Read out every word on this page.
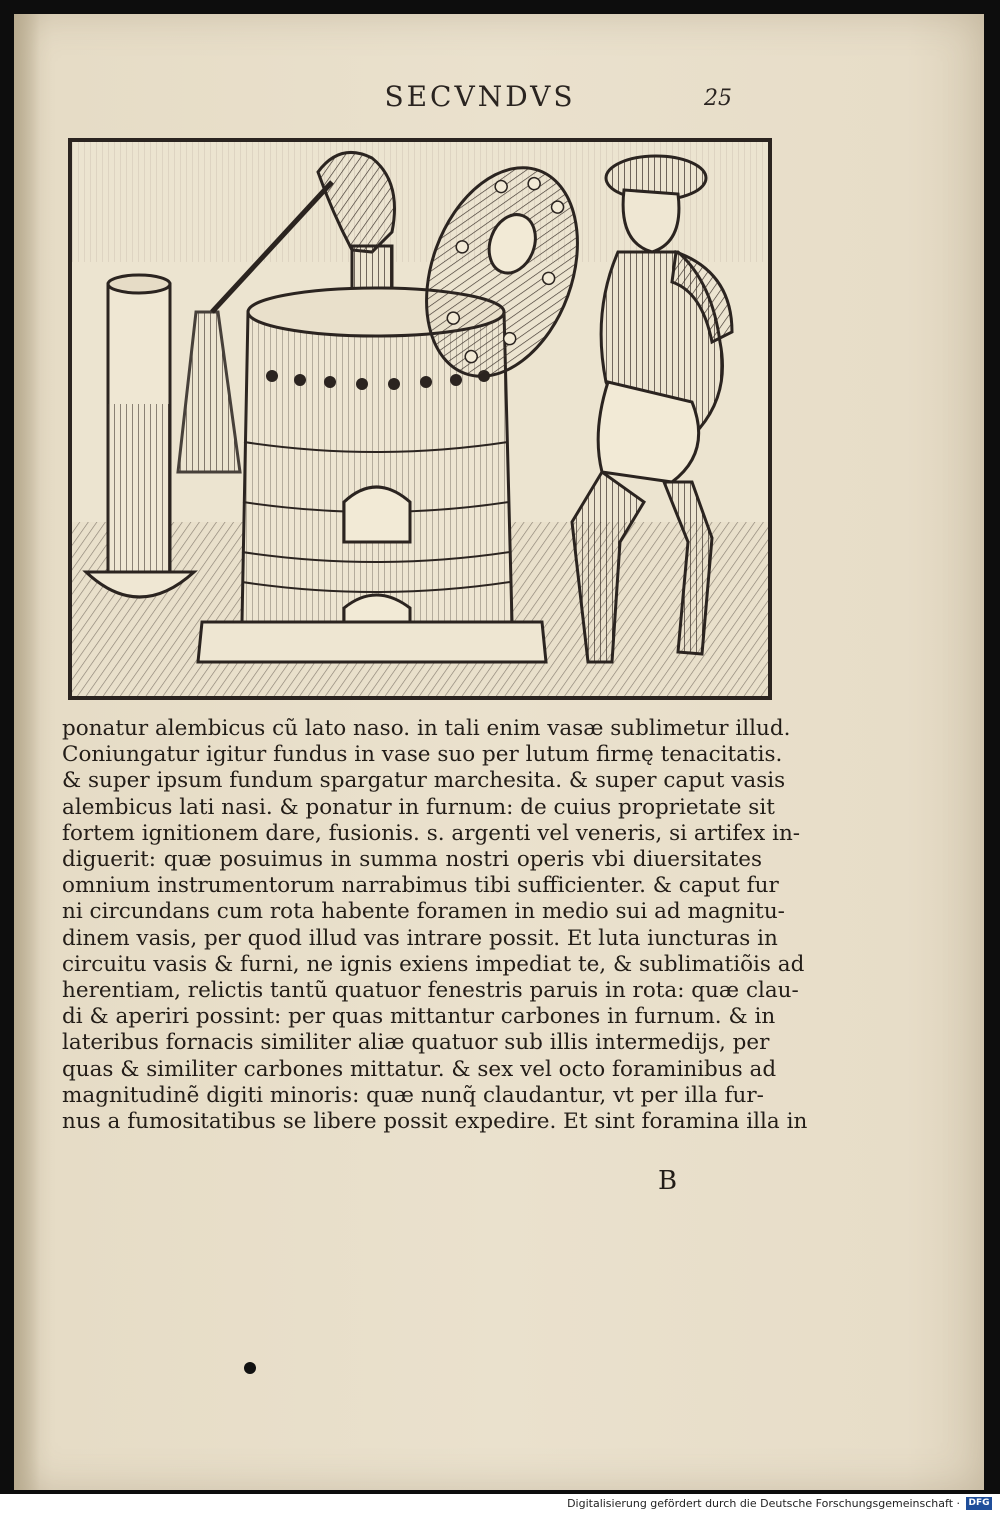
SECVNDVS	25
ponatur alembicus cũ lato naso. in tali enim vasæ sublimetur illud.
Coniungatur igitur fundus in vase suo per lutum firmę tenacitatis.
& super ipsum fundum spargatur marchesita. & super caput vasis
alembicus lati nasi. & ponatur in furnum: de cuius proprietate sit
fortem ignitionem dare, fusionis. s. argenti vel veneris, si artifex in-
diguerit: quæ posuimus in summa nostri operis vbi diuersitates
omnium instrumentorum narrabimus tibi sufficienter. & caput fur
ni circundans cum rota habente foramen in medio sui ad magnitu-
dinem vasis, per quod illud vas intrare possit. Et luta iuncturas in
circuitu vasis & furni, ne ignis exiens impediat te, & sublimatiõis ad
herentiam, relictis tantũ quatuor fenestris paruis in rota: quæ clau-
di & aperiri possint: per quas mittantur carbones in furnum. & in
lateribus fornacis similiter aliæ quatuor sub illis intermedijs, per
quas & similiter carbones mittatur. & sex vel octo foraminibus ad
magnitudinẽ digiti minoris: quæ nunq̃ claudantur, vt per illa fur-
nus a fumositatibus se libere possit expedire. Et sint foramina illa in
B
Digitalisierung gefördert durch die Deutsche Forschungsgemeinschaft · DFG
